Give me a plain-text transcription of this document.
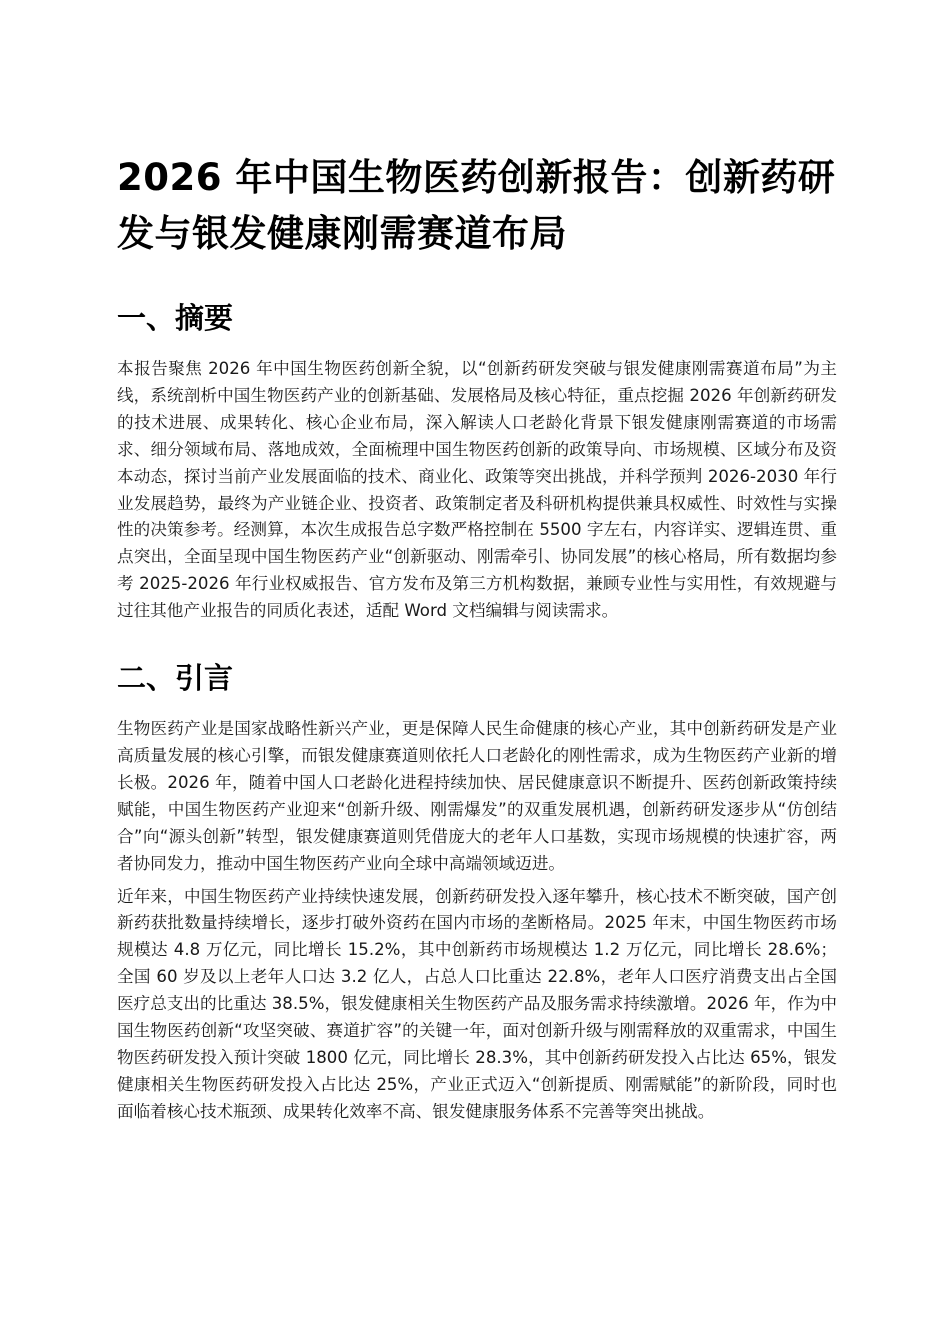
2026 年中国生物医药创新报告：创新药研发与银发健康刚需赛道布局
一、摘要

本报告聚焦 2026 年中国生物医药创新全貌，以“创新药研发突破与银发健康刚需赛道布局”为主线，系统剖析中国生物医药产业的创新基础、发展格局及核心特征，重点挖掘 2026 年创新药研发的技术进展、成果转化、核心企业布局，深入解读人口老龄化背景下银发健康刚需赛道的市场需求、细分领域布局、落地成效，全面梳理中国生物医药创新的政策导向、市场规模、区域分布及资本动态，探讨当前产业发展面临的技术、商业化、政策等突出挑战，并科学预判 2026-2030 年行业发展趋势，最终为产业链企业、投资者、政策制定者及科研机构提供兼具权威性、时效性与实操性的决策参考。经测算，本次生成报告总字数严格控制在 5500 字左右，内容详实、逻辑连贯、重点突出，全面呈现中国生物医药产业“创新驱动、刚需牵引、协同发展”的核心格局，所有数据均参考 2025-2026 年行业权威报告、官方发布及第三方机构数据，兼顾专业性与实用性，有效规避与过往其他产业报告的同质化表述，适配 Word 文档编辑与阅读需求。

二、引言

生物医药产业是国家战略性新兴产业，更是保障人民生命健康的核心产业，其中创新药研发是产业高质量发展的核心引擎，而银发健康赛道则依托人口老龄化的刚性需求，成为生物医药产业新的增长极。2026 年，随着中国人口老龄化进程持续加快、居民健康意识不断提升、医药创新政策持续赋能，中国生物医药产业迎来“创新升级、刚需爆发”的双重发展机遇，创新药研发逐步从“仿创结合”向“源头创新”转型，银发健康赛道则凭借庞大的老年人口基数，实现市场规模的快速扩容，两者协同发力，推动中国生物医药产业向全球中高端领域迈进。

近年来，中国生物医药产业持续快速发展，创新药研发投入逐年攀升，核心技术不断突破，国产创新药获批数量持续增长，逐步打破外资药在国内市场的垄断格局。2025 年末，中国生物医药市场规模达 4.8 万亿元，同比增长 15.2%，其中创新药市场规模达 1.2 万亿元，同比增长 28.6%；全国 60 岁及以上老年人口达 3.2 亿人，占总人口比重达 22.8%，老年人口医疗消费支出占全国医疗总支出的比重达 38.5%，银发健康相关生物医药产品及服务需求持续激增。2026 年，作为中国生物医药创新“攻坚突破、赛道扩容”的关键一年，面对创新升级与刚需释放的双重需求，中国生物医药研发投入预计突破 1800 亿元，同比增长 28.3%，其中创新药研发投入占比达 65%，银发健康相关生物医药研发投入占比达 25%，产业正式迈入“创新提质、刚需赋能”的新阶段，同时也面临着核心技术瓶颈、成果转化效率不高、银发健康服务体系不完善等突出挑战。
